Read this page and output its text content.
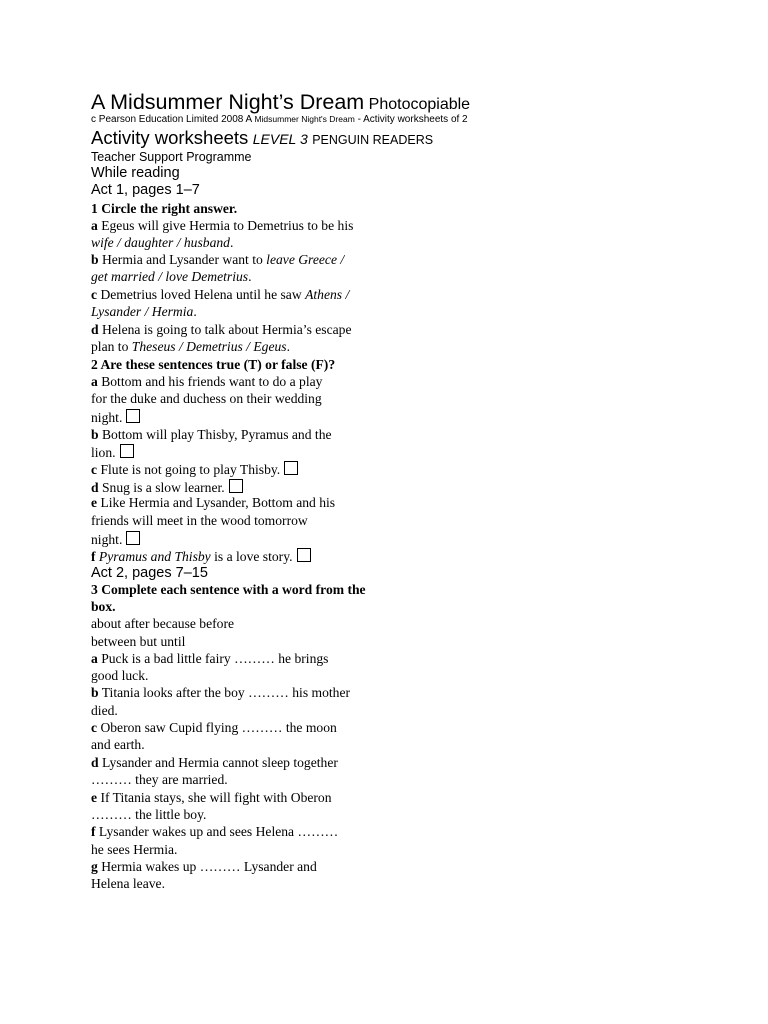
A Midsummer Night’s Dream Photocopiable
c Pearson Education Limited 2008 A Midsummer Night's Dream - Activity worksheets of 2
Activity worksheets LEVEL 3 PENGUIN READERS
Teacher Support Programme
While reading
Act 1, pages 1–7
1 Circle the right answer.
a Egeus will give Hermia to Demetrius to be his
wife / daughter / husband.
b Hermia and Lysander want to leave Greece /
get married / love Demetrius.
c Demetrius loved Helena until he saw Athens /
Lysander / Hermia.
d Helena is going to talk about Hermia’s escape
plan to Theseus / Demetrius / Egeus.
2 Are these sentences true (T) or false (F)?
a Bottom and his friends want to do a play
for the duke and duchess on their wedding
night.
b Bottom will play Thisby, Pyramus and the
lion.
c Flute is not going to play Thisby.
d Snug is a slow learner.
e Like Hermia and Lysander, Bottom and his
friends will meet in the wood tomorrow
night.
f Pyramus and Thisby is a love story.
Act 2, pages 7–15
3 Complete each sentence with a word from the
box.
about after because before
between but until
a Puck is a bad little fairy ……… he brings
good luck.
b Titania looks after the boy ……… his mother
died.
c Oberon saw Cupid flying ……… the moon
and earth.
d Lysander and Hermia cannot sleep together
……… they are married.
e If Titania stays, she will fight with Oberon
……… the little boy.
f Lysander wakes up and sees Helena ………
he sees Hermia.
g Hermia wakes up ……… Lysander and
Helena leave.
